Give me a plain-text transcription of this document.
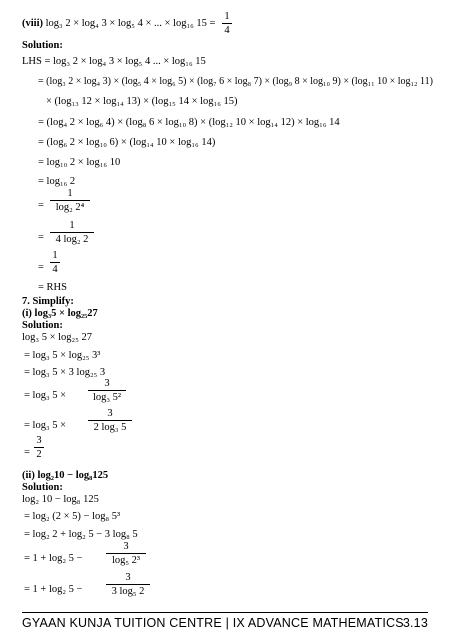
(viii) log₃ 2 × log₄ 3 × log₅ 4 × ... × log₁₆ 15 =
1
4
Solution:
LHS = log₃ 2 × log₄ 3 × log₅ 4 ... × log₁₆ 15
= (log₃ 2 × log₄ 3) × (log₅ 4 × log₆ 5) × (log₇ 6 × log₈ 7) × (log₉ 8 × log₁₀ 9) × (log₁₁ 10 × log₁₂ 11)
× (log₁₃ 12 × log₁₄ 13) × (log₁₅ 14 × log₁₆ 15)
= (log₄ 2 × log₆ 4) × (log₈ 6 × log₁₀ 8) × (log₁₂ 10 × log₁₄ 12) × log₁₆ 14
= (log₆ 2 × log₁₀ 6) × (log₁₄ 10 × log₁₆ 14)
= log₁₀ 2 × log₁₆ 10
= log₁₆ 2
=
1
log₂ 2⁴
=
1
4 log₂ 2
=
1
4
= RHS
7. Simplify:
(i) log₃5 × log₂₅27
Solution:
log₃ 5 × log₂₅ 27
= log₃ 5 × log₂₅ 3³
= log₃ 5 × 3 log₂₅ 3
= log₃ 5 ×
3
log₃ 5²
= log₃ 5 ×
3
2 log₃ 5
=
3
2
(ii) log₂10 − log₈125
Solution:
log₂ 10 − log₈ 125
= log₂ (2 × 5) − log₈ 5³
= log₂ 2 + log₂ 5 − 3 log₈ 5
= 1 + log₂ 5 −
3
log₅ 2³
= 1 + log₂ 5 −
3
3 log₅ 2
GYAAN KUNJA TUITION CENTRE | IX ADVANCE MATHEMATICS 3.13
